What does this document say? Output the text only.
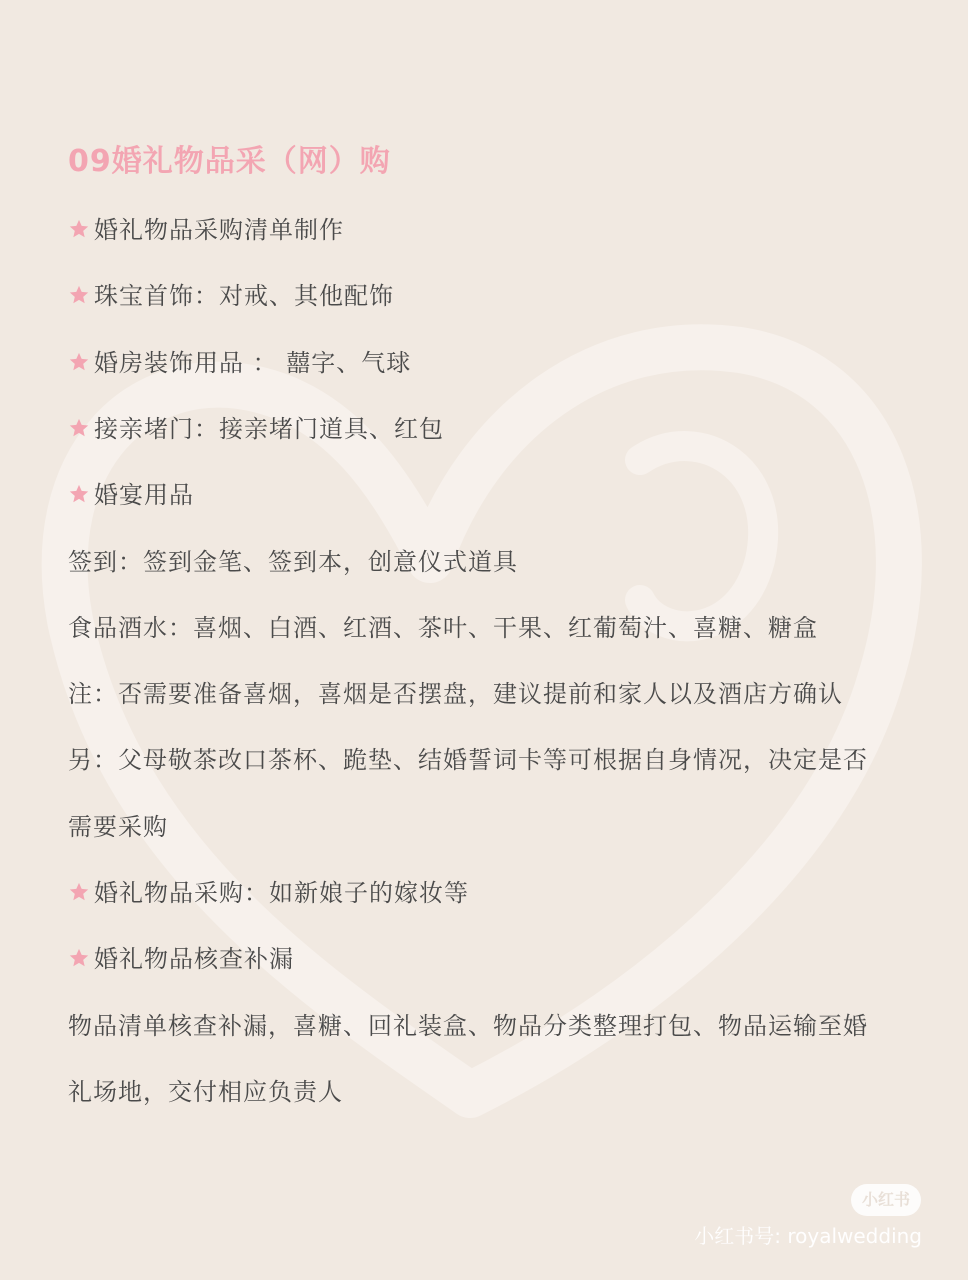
09婚礼物品采（网）购
婚礼物品采购清单制作
珠宝首饰：对戒、其他配饰
婚房装饰用品 ： 囍字、气球
接亲堵门：接亲堵门道具、红包
婚宴用品
签到：签到金笔、签到本，创意仪式道具
食品酒水：喜烟、白酒、红酒、茶叶、干果、红葡萄汁、喜糖、糖盒
注：否需要准备喜烟，喜烟是否摆盘，建议提前和家人以及酒店方确认
另：父母敬茶改口茶杯、跪垫、结婚誓词卡等可根据自身情况，决定是否
需要采购
婚礼物品采购：如新娘子的嫁妆等
婚礼物品核查补漏
物品清单核查补漏，喜糖、回礼装盒、物品分类整理打包、物品运输至婚
礼场地，交付相应负责人
小红书
小红书号: royalwedding
